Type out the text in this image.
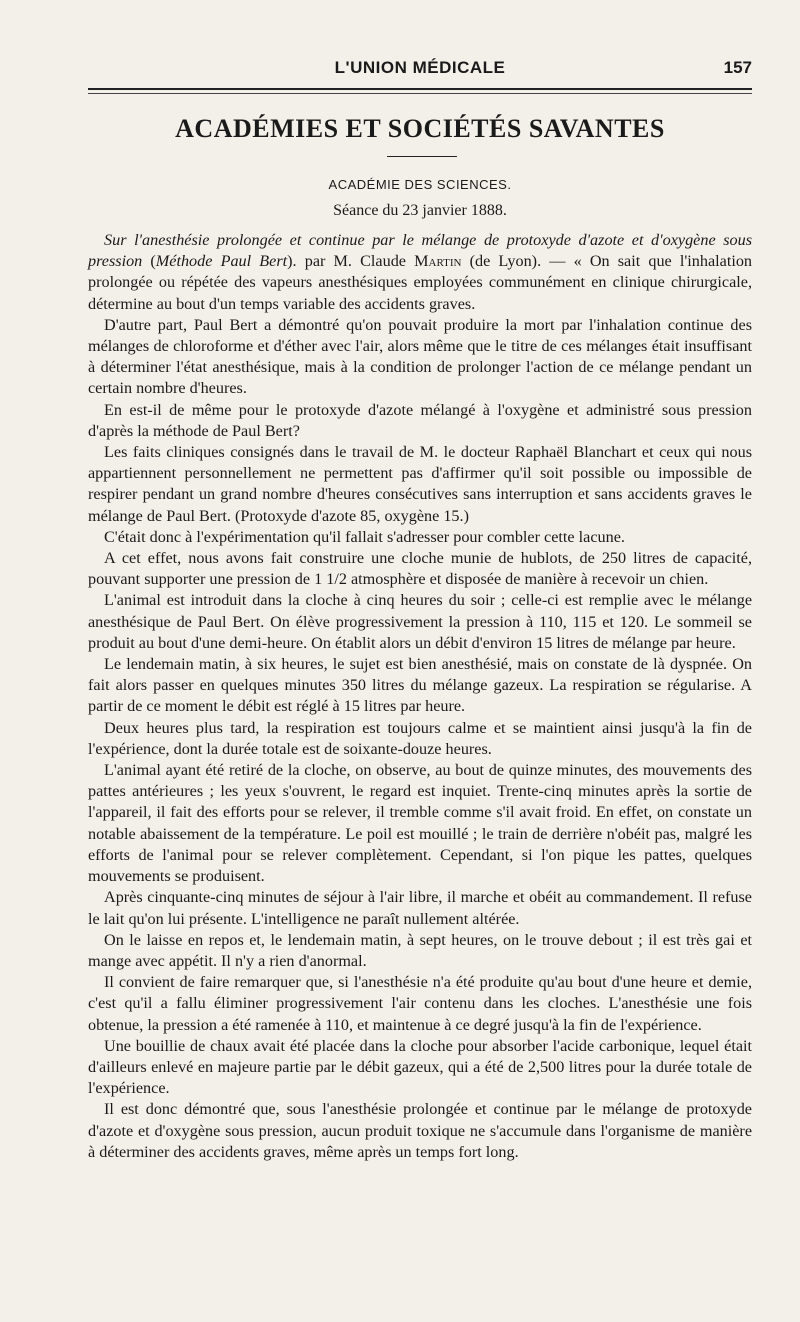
L'UNION MÉDICALE	157
ACADÉMIES ET SOCIÉTÉS SAVANTES
ACADÉMIE DES SCIENCES.
Séance du 23 janvier 1888.

Sur l'anesthésie prolongée et continue par le mélange de protoxyde d'azote et d'oxygène sous pression (Méthode Paul Bert). par M. Claude Martin (de Lyon). — « On sait que l'inhalation prolongée ou répétée des vapeurs anesthésiques employées communément en clinique chirurgicale, détermine au bout d'un temps variable des accidents graves.

D'autre part, Paul Bert a démontré qu'on pouvait produire la mort par l'inhalation continue des mélanges de chloroforme et d'éther avec l'air, alors même que le titre de ces mélanges était insuffisant à déterminer l'état anesthésique, mais à la condition de prolonger l'action de ce mélange pendant un certain nombre d'heures.

En est-il de même pour le protoxyde d'azote mélangé à l'oxygène et administré sous pression d'après la méthode de Paul Bert?

Les faits cliniques consignés dans le travail de M. le docteur Raphaël Blanchart et ceux qui nous appartiennent personnellement ne permettent pas d'affirmer qu'il soit possible ou impossible de respirer pendant un grand nombre d'heures consécutives sans interruption et sans accidents graves le mélange de Paul Bert. (Protoxyde d'azote 85, oxygène 15.)

C'était donc à l'expérimentation qu'il fallait s'adresser pour combler cette lacune.

A cet effet, nous avons fait construire une cloche munie de hublots, de 250 litres de capacité, pouvant supporter une pression de 1 1/2 atmosphère et disposée de manière à recevoir un chien.

L'animal est introduit dans la cloche à cinq heures du soir ; celle-ci est remplie avec le mélange anesthésique de Paul Bert. On élève progressivement la pression à 110, 115 et 120. Le sommeil se produit au bout d'une demi-heure. On établit alors un débit d'environ 15 litres de mélange par heure.

Le lendemain matin, à six heures, le sujet est bien anesthésié, mais on constate de là dyspnée. On fait alors passer en quelques minutes 350 litres du mélange gazeux. La respiration se régularise. A partir de ce moment le débit est réglé à 15 litres par heure.

Deux heures plus tard, la respiration est toujours calme et se maintient ainsi jusqu'à la fin de l'expérience, dont la durée totale est de soixante-douze heures.

L'animal ayant été retiré de la cloche, on observe, au bout de quinze minutes, des mouvements des pattes antérieures ; les yeux s'ouvrent, le regard est inquiet. Trente-cinq minutes après la sortie de l'appareil, il fait des efforts pour se relever, il tremble comme s'il avait froid. En effet, on constate un notable abaissement de la température. Le poil est mouillé ; le train de derrière n'obéit pas, malgré les efforts de l'animal pour se relever complètement. Cependant, si l'on pique les pattes, quelques mouvements se produisent.

Après cinquante-cinq minutes de séjour à l'air libre, il marche et obéit au commandement. Il refuse le lait qu'on lui présente. L'intelligence ne paraît nullement altérée.

On le laisse en repos et, le lendemain matin, à sept heures, on le trouve debout ; il est très gai et mange avec appétit. Il n'y a rien d'anormal.

Il convient de faire remarquer que, si l'anesthésie n'a été produite qu'au bout d'une heure et demie, c'est qu'il a fallu éliminer progressivement l'air contenu dans les cloches. L'anesthésie une fois obtenue, la pression a été ramenée à 110, et maintenue à ce degré jusqu'à la fin de l'expérience.

Une bouillie de chaux avait été placée dans la cloche pour absorber l'acide carbonique, lequel était d'ailleurs enlevé en majeure partie par le débit gazeux, qui a été de 2,500 litres pour la durée totale de l'expérience.

Il est donc démontré que, sous l'anesthésie prolongée et continue par le mélange de protoxyde d'azote et d'oxygène sous pression, aucun produit toxique ne s'accumule dans l'organisme de manière à déterminer des accidents graves, même après un temps fort long.
